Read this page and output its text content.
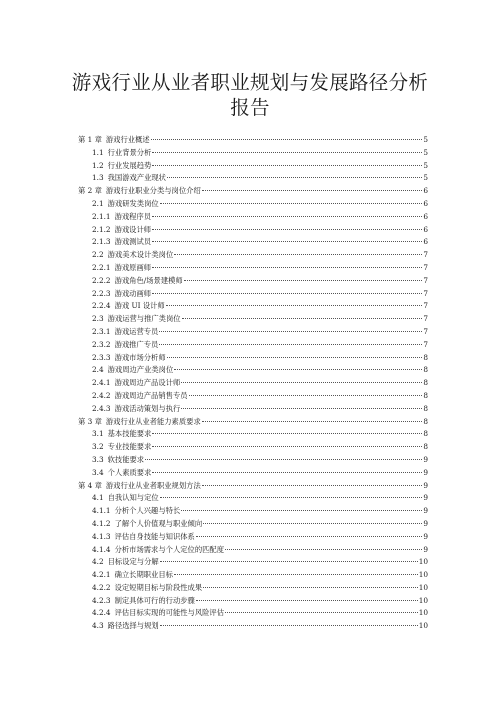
游戏行业从业者职业规划与发展路径分析
报告
第 1 章 游戏行业概述	5
1.1 行业背景分析	5
1.2 行业发展趋势	5
1.3 我国游戏产业现状	5
第 2 章 游戏行业职业分类与岗位介绍	6
2.1 游戏研发类岗位	6
2.1.1 游戏程序员	6
2.1.2 游戏设计师	6
2.1.3 游戏测试员	6
2.2 游戏美术设计类岗位	7
2.2.1 游戏原画师	7
2.2.2 游戏角色/场景建模师	7
2.2.3 游戏动画师	7
2.2.4 游戏 UI 设计师	7
2.3 游戏运营与推广类岗位	7
2.3.1 游戏运营专员	7
2.3.2 游戏推广专员	7
2.3.3 游戏市场分析师	8
2.4 游戏周边产业类岗位	8
2.4.1 游戏周边产品设计师	8
2.4.2 游戏周边产品销售专员	8
2.4.3 游戏活动策划与执行	8
第 3 章 游戏行业从业者能力素质要求	8
3.1 基本技能要求	8
3.2 专业技能要求	8
3.3 软技能要求	9
3.4 个人素质要求	9
第 4 章 游戏行业从业者职业规划方法	9
4.1 自我认知与定位	9
4.1.1 分析个人兴趣与特长	9
4.1.2 了解个人价值观与职业倾向	9
4.1.3 评估自身技能与知识体系	9
4.1.4 分析市场需求与个人定位的匹配度	9
4.2 目标设定与分解	10
4.2.1 确立长期职业目标	10
4.2.2 设定短期目标与阶段性成果	10
4.2.3 制定具体可行的行动步骤	10
4.2.4 评估目标实现的可能性与风险评估	10
4.3 路径选择与规划	10
